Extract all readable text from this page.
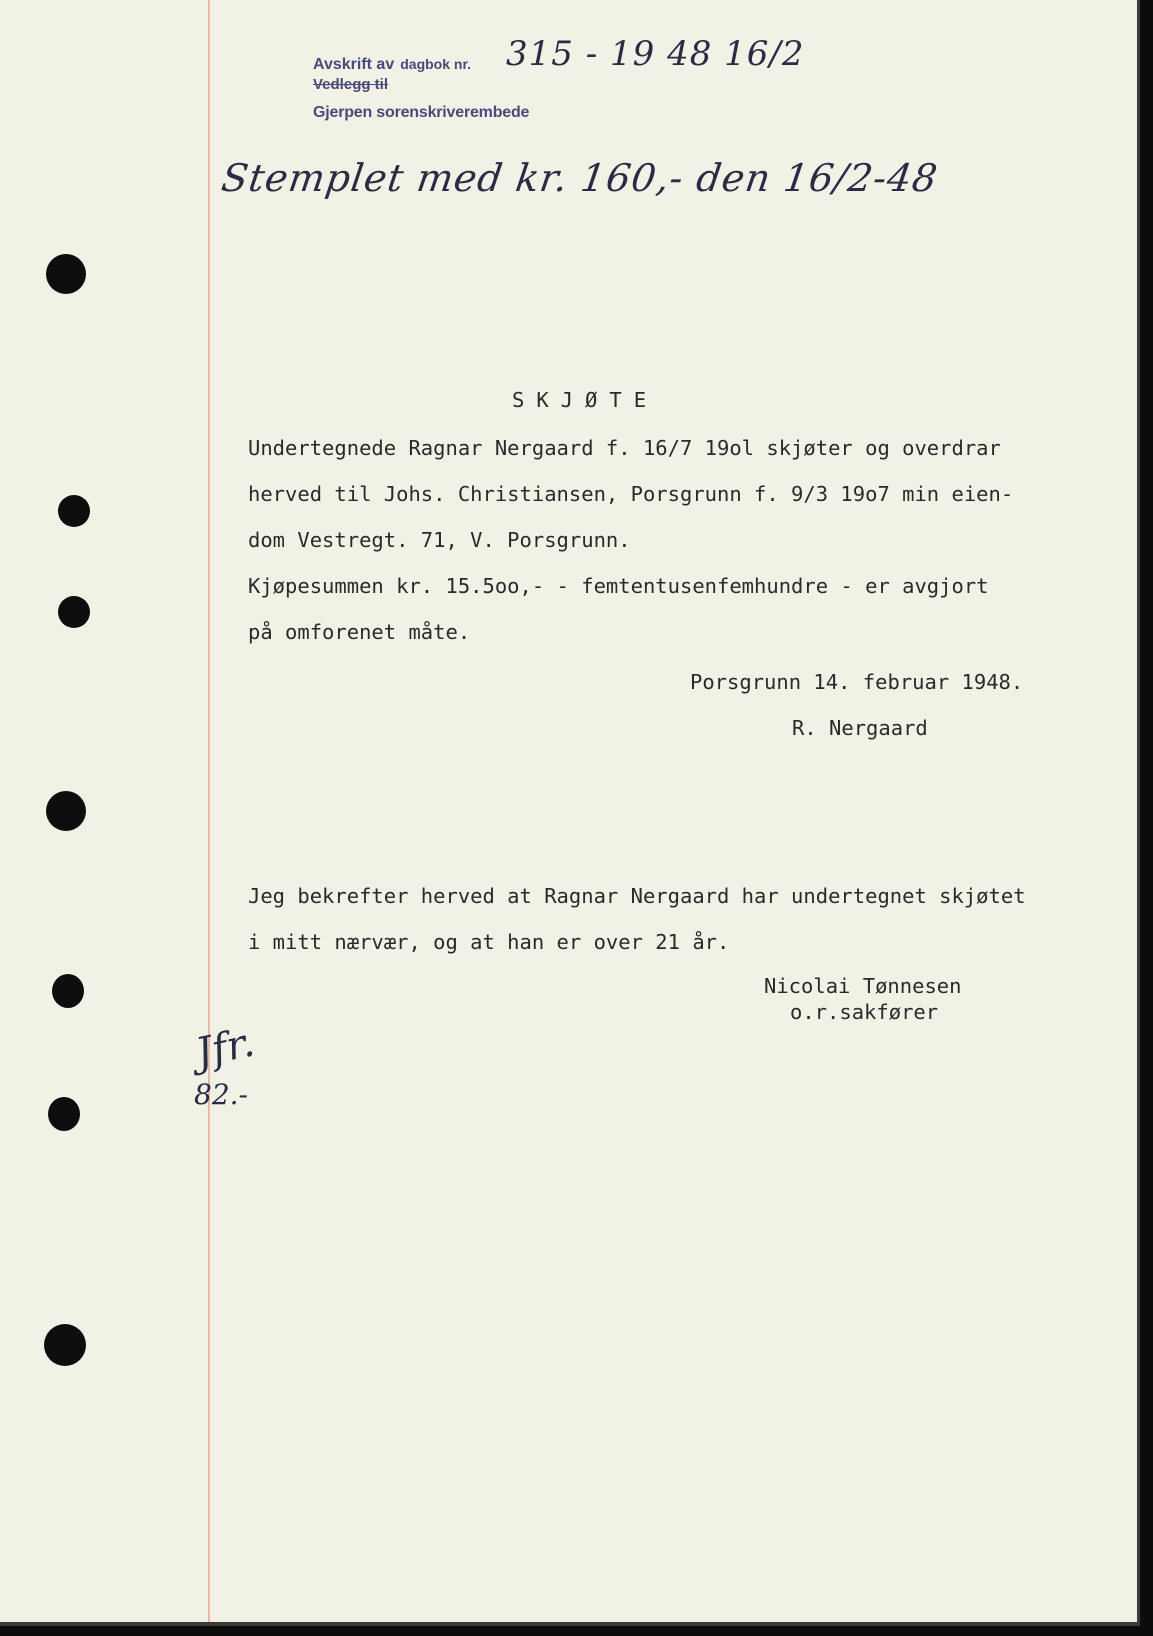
Avskrift av dagbok nr.
Vedlegg til
Gjerpen sorenskriverembede
315 - 19 48 16/2
Stemplet med kr. 160,- den 16/2-48
Jfr.
82.-
SKJØTE
Undertegnede Ragnar Nergaard f. 16/7 19ol skjøter og overdrar
herved til Johs. Christiansen, Porsgrunn f. 9/3 19o7 min eien-
dom Vestregt. 71, V. Porsgrunn.
Kjøpesummen kr. 15.5oo,- - femtentusenfemhundre - er avgjort
på omforenet måte.
Porsgrunn 14. februar 1948.
R. Nergaard
Jeg bekrefter herved at Ragnar Nergaard har undertegnet skjøtet
i mitt nærvær, og at han er over 21 år.
Nicolai Tønnesen
o.r.sakfører
